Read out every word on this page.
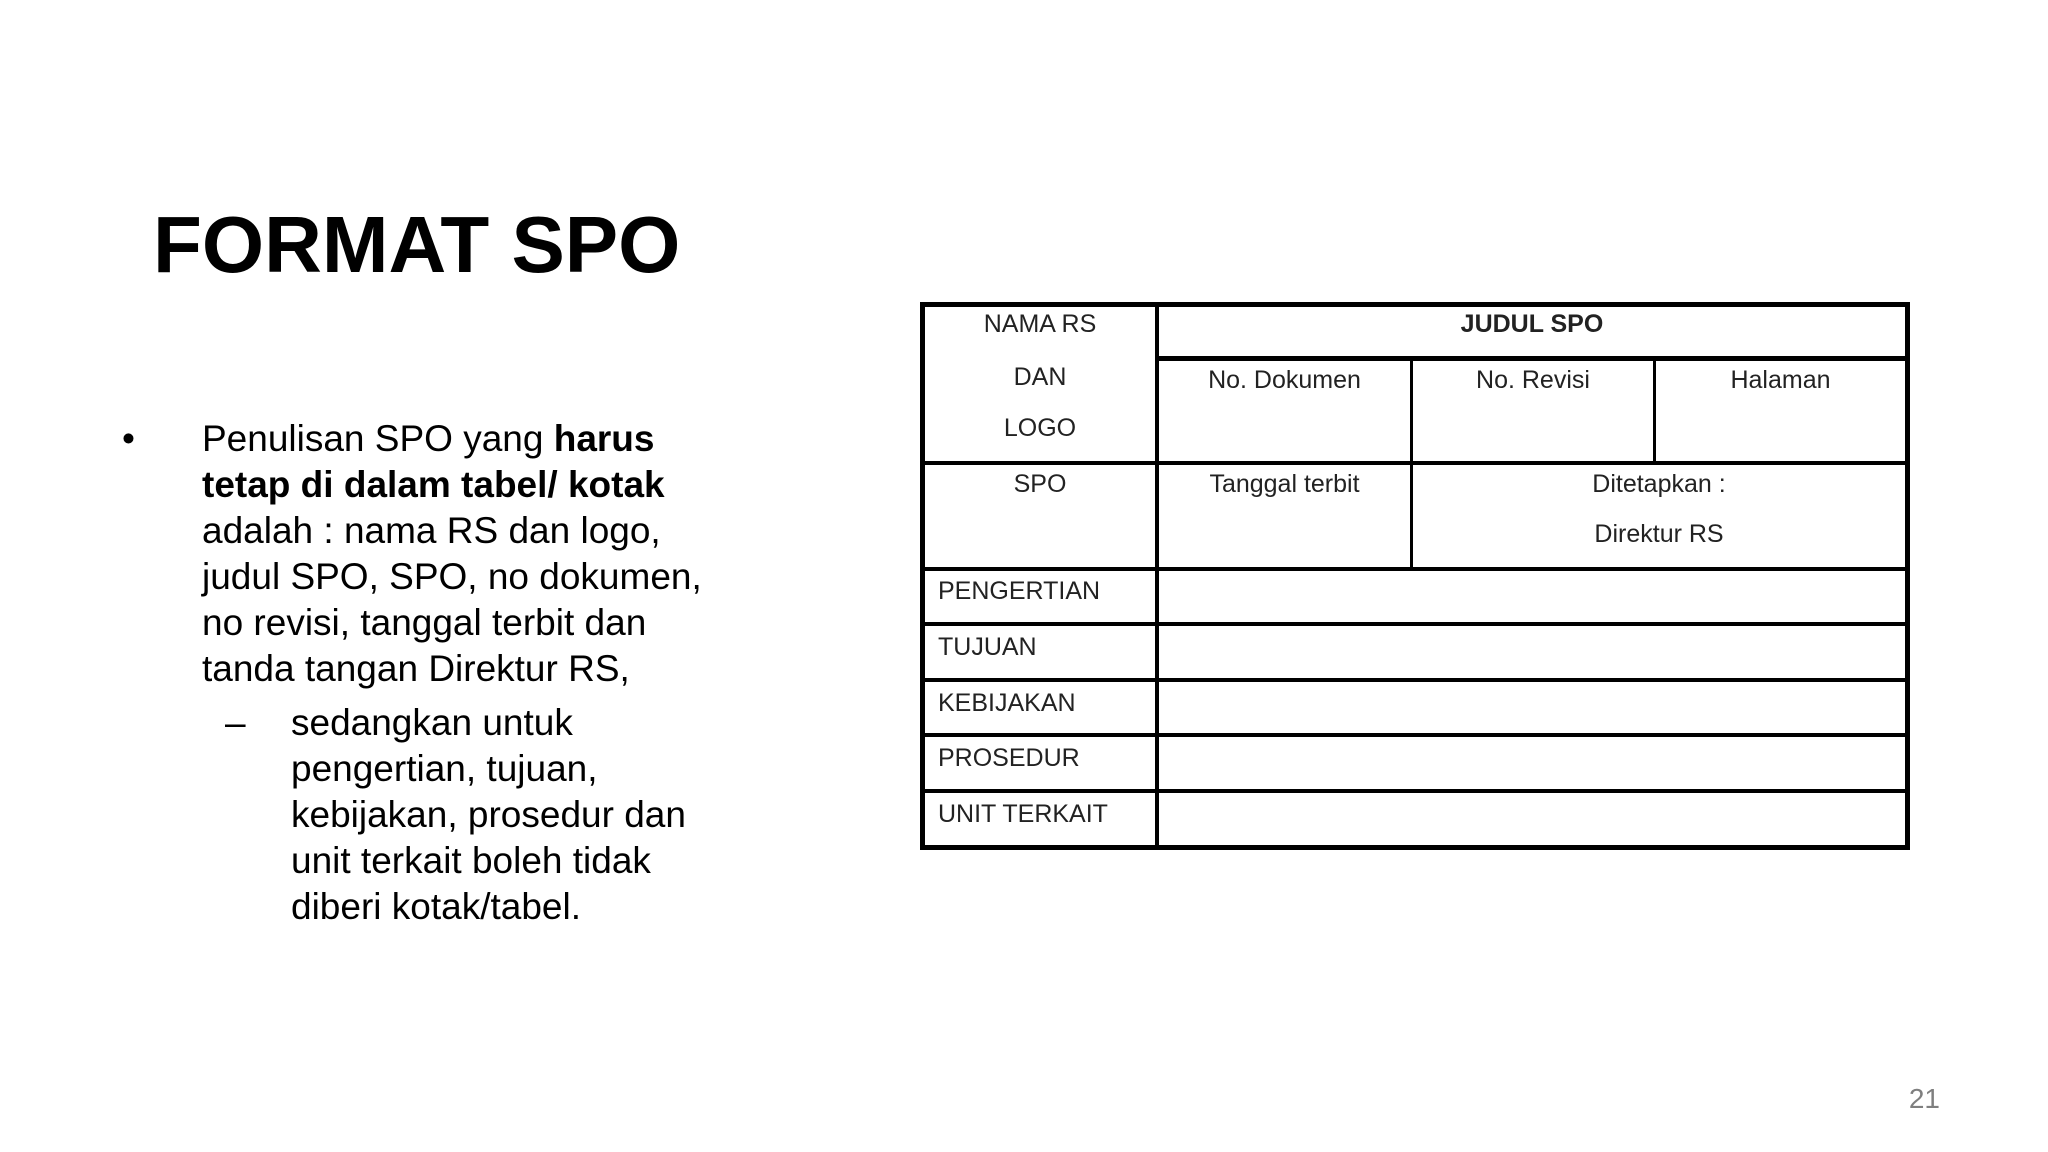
FORMAT SPO
• Penulisan SPO yang harus tetap di dalam tabel/ kotak adalah : nama RS dan logo, judul SPO, SPO, no dokumen, no revisi, tanggal terbit dan tanda tangan Direktur RS,
– sedangkan untuk pengertian, tujuan, kebijakan, prosedur dan unit terkait boleh tidak diberi kotak/tabel.
NAMA RS
DAN
LOGO
JUDUL SPO
No. Dokumen	No. Revisi	Halaman
SPO	Tanggal terbit	Ditetapkan :
Direktur RS
PENGERTIAN
TUJUAN
KEBIJAKAN
PROSEDUR
UNIT TERKAIT
21
